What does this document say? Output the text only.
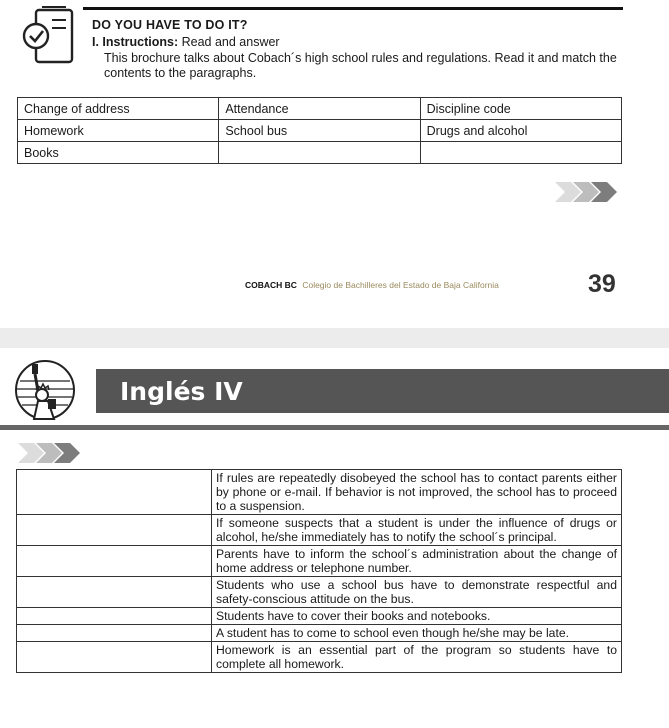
DO YOU HAVE TO DO IT?
I. Instructions: Read and answer
This brochure talks about Cobach´s high school rules and regulations. Read it and match the contents to the paragraphs.
Change of address	Attendance	Discipline code
Homework	School bus	Drugs and alcohol
Books		
COBACH BC Colegio de Bachilleres del Estado de Baja California	39
Inglés IV
	If rules are repeatedly disobeyed the school has to contact parents either by phone or e-mail. If behavior is not improved, the school has to proceed to a suspension.
	If someone suspects that a student is under the influence of drugs or alcohol, he/she immediately has to notify the school´s principal.
	Parents have to inform the school´s administration about the change of home address or telephone number.
	Students who use a school bus have to demonstrate respectful and safety-conscious attitude on the bus.
	Students have to cover their books and notebooks.
	A student has to come to school even though he/she may be late.
	Homework is an essential part of the program so students have to complete all homework.
